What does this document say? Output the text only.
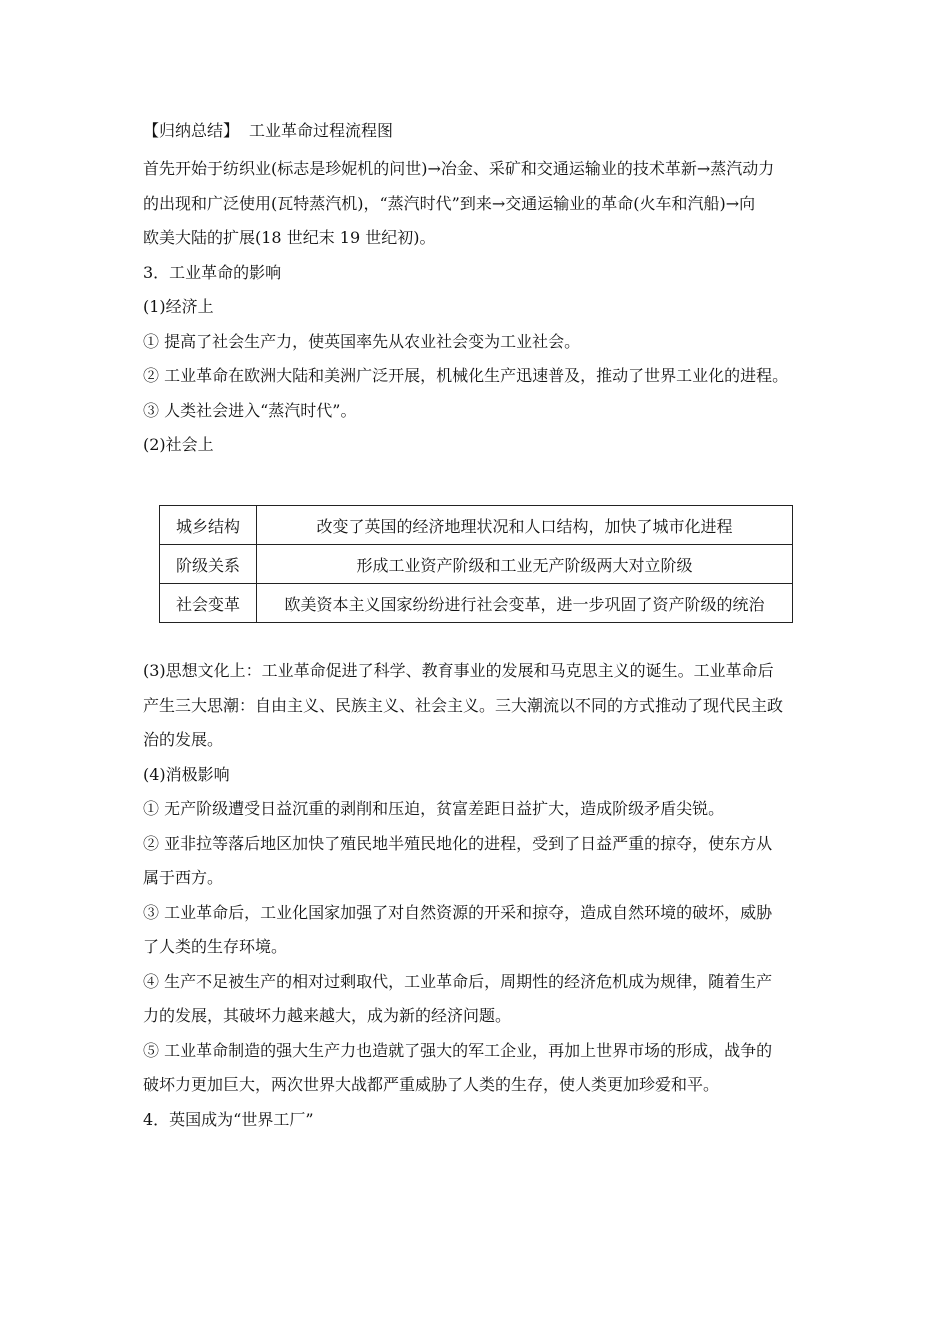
【归纳总结】 工业革命过程流程图

首先开始于纺织业(标志是珍妮机的问世)→冶金、采矿和交通运输业的技术革新→蒸汽动力
的出现和广泛使用(瓦特蒸汽机)，“蒸汽时代”到来→交通运输业的革命(火车和汽船)→向
欧美大陆的扩展(18 世纪末 19 世纪初)。

3．工业革命的影响

(1)经济上

① 提高了社会生产力，使英国率先从农业社会变为工业社会。

② 工业革命在欧洲大陆和美洲广泛开展，机械化生产迅速普及，推动了世界工业化的进程。

③ 人类社会进入“蒸汽时代”。

(2)社会上

城乡结构	改变了英国的经济地理状况和人口结构，加快了城市化进程
阶级关系	形成工业资产阶级和工业无产阶级两大对立阶级
社会变革	欧美资本主义国家纷纷进行社会变革，进一步巩固了资产阶级的统治

(3)思想文化上：工业革命促进了科学、教育事业的发展和马克思主义的诞生。工业革命后
产生三大思潮：自由主义、民族主义、社会主义。三大潮流以不同的方式推动了现代民主政
治的发展。

(4)消极影响

① 无产阶级遭受日益沉重的剥削和压迫，贫富差距日益扩大，造成阶级矛盾尖锐。

② 亚非拉等落后地区加快了殖民地半殖民地化的进程，受到了日益严重的掠夺，使东方从
属于西方。

③ 工业革命后，工业化国家加强了对自然资源的开采和掠夺，造成自然环境的破坏，威胁
了人类的生存环境。

④ 生产不足被生产的相对过剩取代，工业革命后，周期性的经济危机成为规律，随着生产
力的发展，其破坏力越来越大，成为新的经济问题。

⑤ 工业革命制造的强大生产力也造就了强大的军工企业，再加上世界市场的形成，战争的
破坏力更加巨大，两次世界大战都严重威胁了人类的生存，使人类更加珍爱和平。

4．英国成为“世界工厂”
